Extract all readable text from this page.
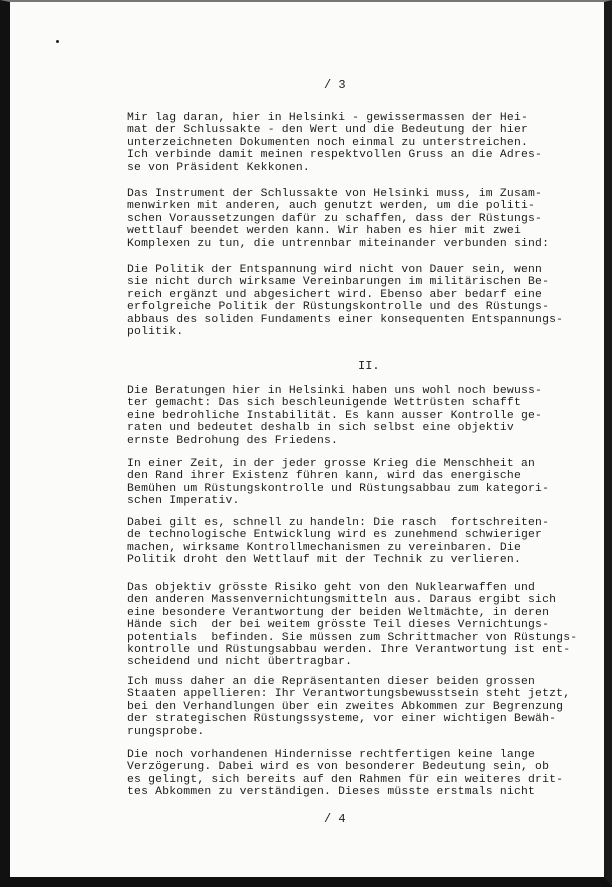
/ 3
Mir lag daran, hier in Helsinki - gewissermassen der Hei-
mat der Schlussakte - den Wert und die Bedeutung der hier
unterzeichneten Dokumenten noch einmal zu unterstreichen.
Ich verbinde damit meinen respektvollen Gruss an die Adres-
se von Präsident Kekkonen.
Das Instrument der Schlussakte von Helsinki muss, im Zusam-
menwirken mit anderen, auch genutzt werden, um die politi-
schen Voraussetzungen dafür zu schaffen, dass der Rüstungs-
wettlauf beendet werden kann. Wir haben es hier mit zwei
Komplexen zu tun, die untrennbar miteinander verbunden sind:
Die Politik der Entspannung wird nicht von Dauer sein, wenn
sie nicht durch wirksame Vereinbarungen im militärischen Be-
reich ergänzt und abgesichert wird. Ebenso aber bedarf eine
erfolgreiche Politik der Rüstungskontrolle und des Rüstungs-
abbaus des soliden Fundaments einer konsequenten Entspannungs-
politik.
II.
Die Beratungen hier in Helsinki haben uns wohl noch bewuss-
ter gemacht: Das sich beschleunigende Wettrüsten schafft
eine bedrohliche Instabilität. Es kann ausser Kontrolle ge-
raten und bedeutet deshalb in sich selbst eine objektiv
ernste Bedrohung des Friedens.
In einer Zeit, in der jeder grosse Krieg die Menschheit an
den Rand ihrer Existenz führen kann, wird das energische
Bemühen um Rüstungskontrolle und Rüstungsabbau zum kategori-
schen Imperativ.
Dabei gilt es, schnell zu handeln: Die rasch  fortschreiten-
de technologische Entwicklung wird es zunehmend schwieriger
machen, wirksame Kontrollmechanismen zu vereinbaren. Die
Politik droht den Wettlauf mit der Technik zu verlieren.
Das objektiv grösste Risiko geht von den Nuklearwaffen und
den anderen Massenvernichtungsmitteln aus. Daraus ergibt sich
eine besondere Verantwortung der beiden Weltmächte, in deren
Hände sich  der bei weitem grösste Teil dieses Vernichtungs-
potentials  befinden. Sie müssen zum Schrittmacher von Rüstungs-
kontrolle und Rüstungsabbau werden. Ihre Verantwortung ist ent-
scheidend und nicht übertragbar.
Ich muss daher an die Repräsentanten dieser beiden grossen
Staaten appellieren: Ihr Verantwortungsbewusstsein steht jetzt,
bei den Verhandlungen über ein zweites Abkommen zur Begrenzung
der strategischen Rüstungssysteme, vor einer wichtigen Bewäh-
rungsprobe.
Die noch vorhandenen Hindernisse rechtfertigen keine lange
Verzögerung. Dabei wird es von besonderer Bedeutung sein, ob
es gelingt, sich bereits auf den Rahmen für ein weiteres drit-
tes Abkommen zu verständigen. Dieses müsste erstmals nicht
/ 4
